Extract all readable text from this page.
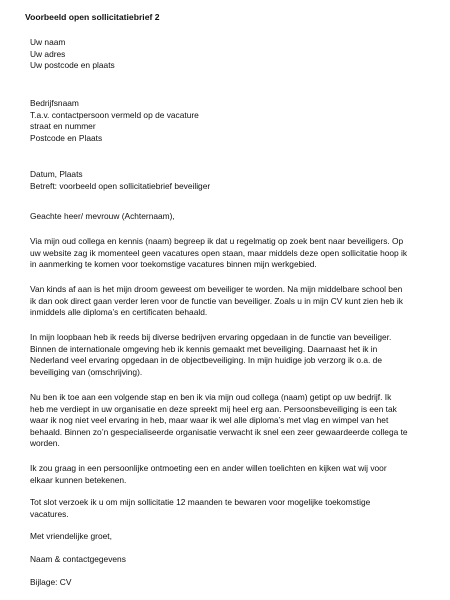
Voorbeeld open sollicitatiebrief 2
Uw naam
Uw adres
Uw postcode en plaats
Bedrijfsnaam
T.a.v. contactpersoon vermeld op de vacature
straat en nummer
Postcode en Plaats
Datum, Plaats
Betreft: voorbeeld open sollicitatiebrief beveiliger
Geachte heer/ mevrouw (Achternaam),
Via mijn oud collega en kennis (naam) begreep ik dat u regelmatig op zoek bent naar beveiligers. Op
uw website zag ik momenteel geen vacatures open staan, maar middels deze open sollicitatie hoop ik
in aanmerking te komen voor toekomstige vacatures binnen mijn werkgebied.
Van kinds af aan is het mijn droom geweest om beveiliger te worden. Na mijn middelbare school ben
ik dan ook direct gaan verder leren voor de functie van beveiliger. Zoals u in mijn CV kunt zien heb ik
inmiddels alle diploma’s en certificaten behaald.
In mijn loopbaan heb ik reeds bij diverse bedrijven ervaring opgedaan in de functie van beveiliger.
Binnen de internationale omgeving heb ik kennis gemaakt met beveiliging. Daarnaast het ik in
Nederland veel ervaring opgedaan in de objectbeveiliging. In mijn huidige job verzorg ik o.a. de
beveiliging van (omschrijving).
Nu ben ik toe aan een volgende stap en ben ik via mijn oud collega (naam) getipt op uw bedrijf. Ik
heb me verdiept in uw organisatie en deze spreekt mij heel erg aan. Persoonsbeveiliging is een tak
waar ik nog niet veel ervaring in heb, maar waar ik wel alle diploma’s met vlag en wimpel van het
behaald. Binnen zo’n gespecialiseerde organisatie verwacht ik snel een zeer gewaardeerde collega te
worden.
Ik zou graag in een persoonlijke ontmoeting een en ander willen toelichten en kijken wat wij voor
elkaar kunnen betekenen.
Tot slot verzoek ik u om mijn sollicitatie 12 maanden te bewaren voor mogelijke toekomstige
vacatures.
Met vriendelijke groet,
Naam & contactgegevens
Bijlage: CV
